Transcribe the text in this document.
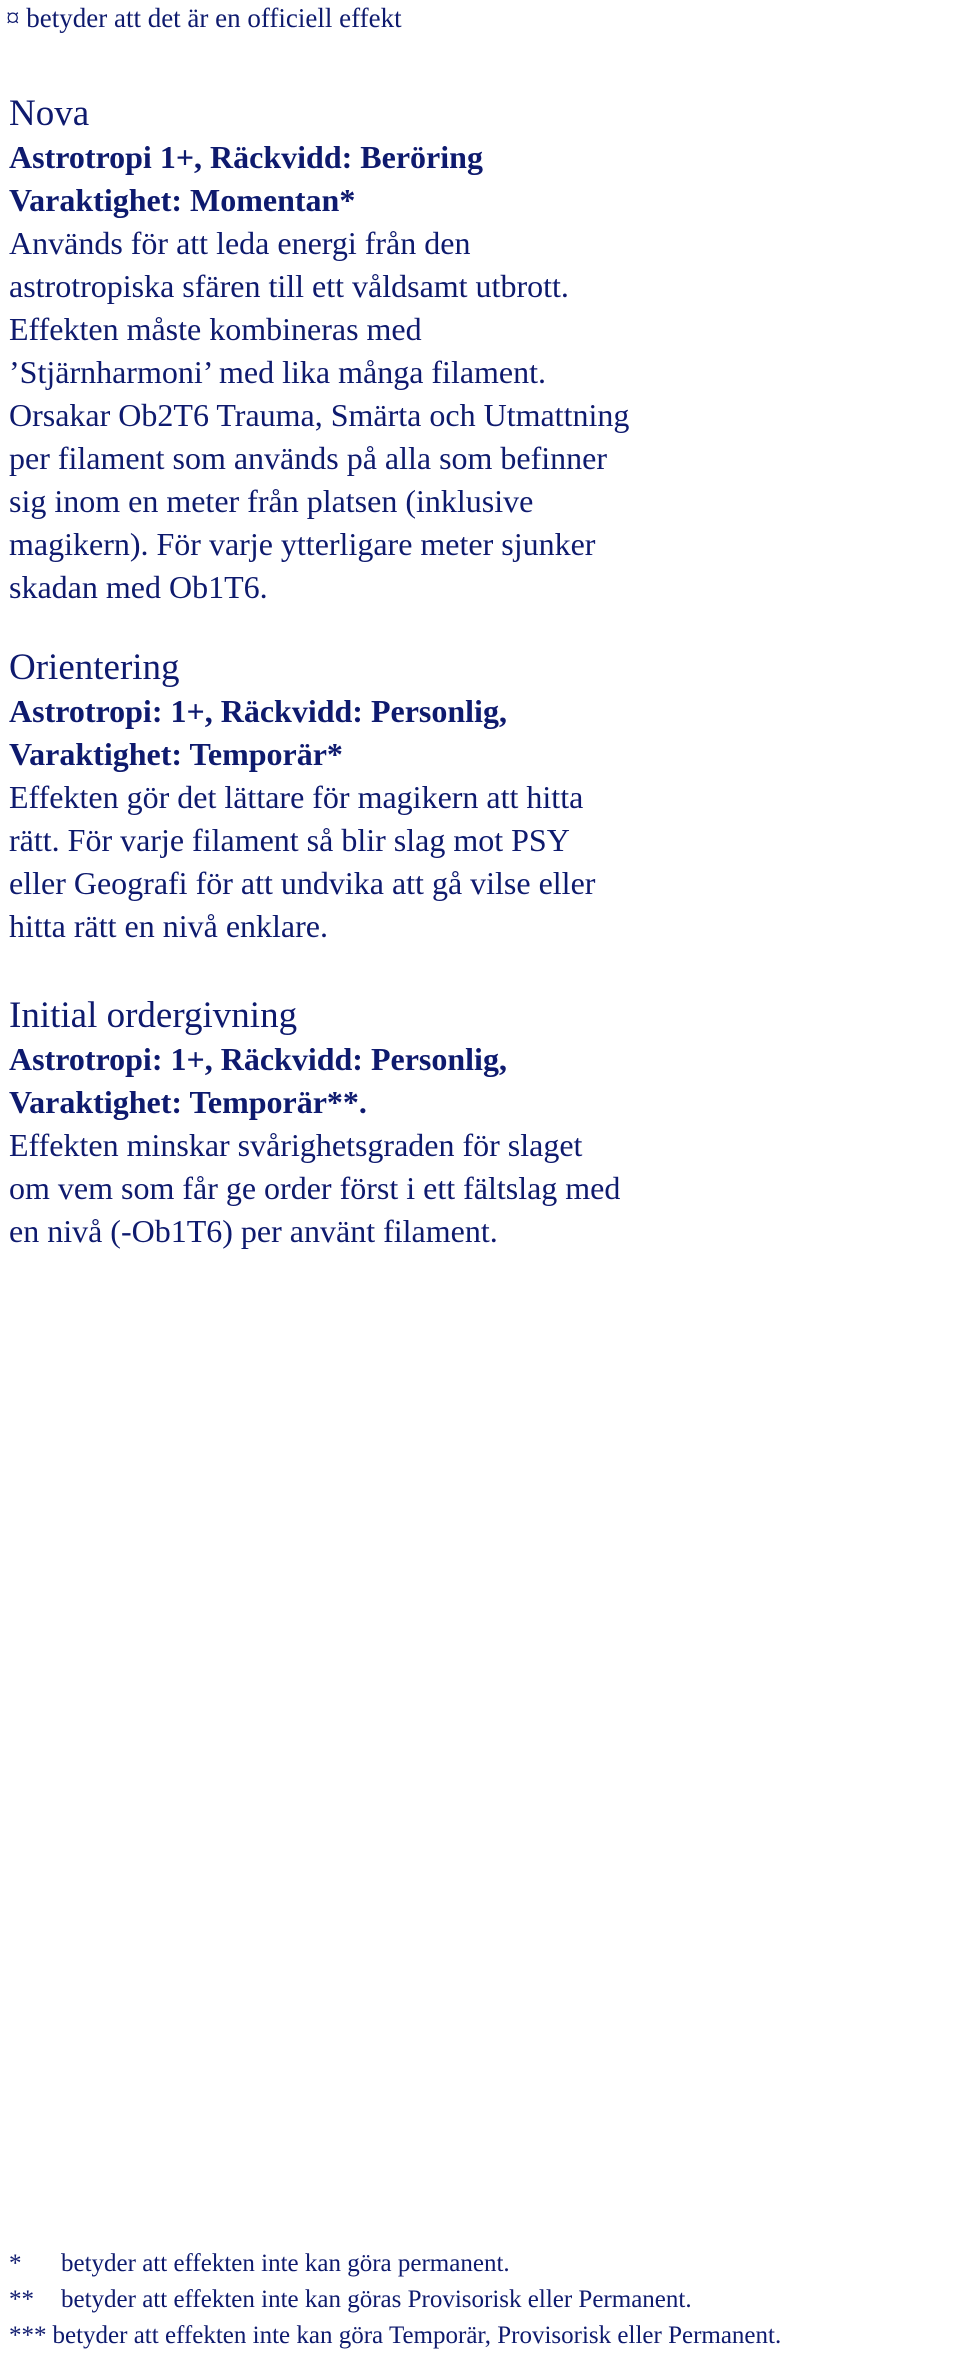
¤ betyder att det är en officiell effekt
Nova
Astrotropi 1+, Räckvidd: Beröring
Varaktighet: Momentan*
Används för att leda energi från den
astrotropiska sfären till ett våldsamt utbrott.
Effekten måste kombineras med
’Stjärnharmoni’ med lika många filament.
Orsakar Ob2T6 Trauma, Smärta och Utmattning
per filament som används på alla som befinner
sig inom en meter från platsen (inklusive
magikern). För varje ytterligare meter sjunker
skadan med Ob1T6.
Orientering
Astrotropi: 1+, Räckvidd: Personlig,
Varaktighet: Temporär*
Effekten gör det lättare för magikern att hitta
rätt. För varje filament så blir slag mot PSY
eller Geografi för att undvika att gå vilse eller
hitta rätt en nivå enklare.
Initial ordergivning
Astrotropi: 1+, Räckvidd: Personlig,
Varaktighet: Temporär**.
Effekten minskar svårighetsgraden för slaget
om vem som får ge order först i ett fältslag med
en nivå (-Ob1T6) per använt filament.
*	betyder att effekten inte kan göra permanent.
**	betyder att effekten inte kan göras Provisorisk eller Permanent.
*** betyder att effekten inte kan göra Temporär, Provisorisk eller Permanent.
